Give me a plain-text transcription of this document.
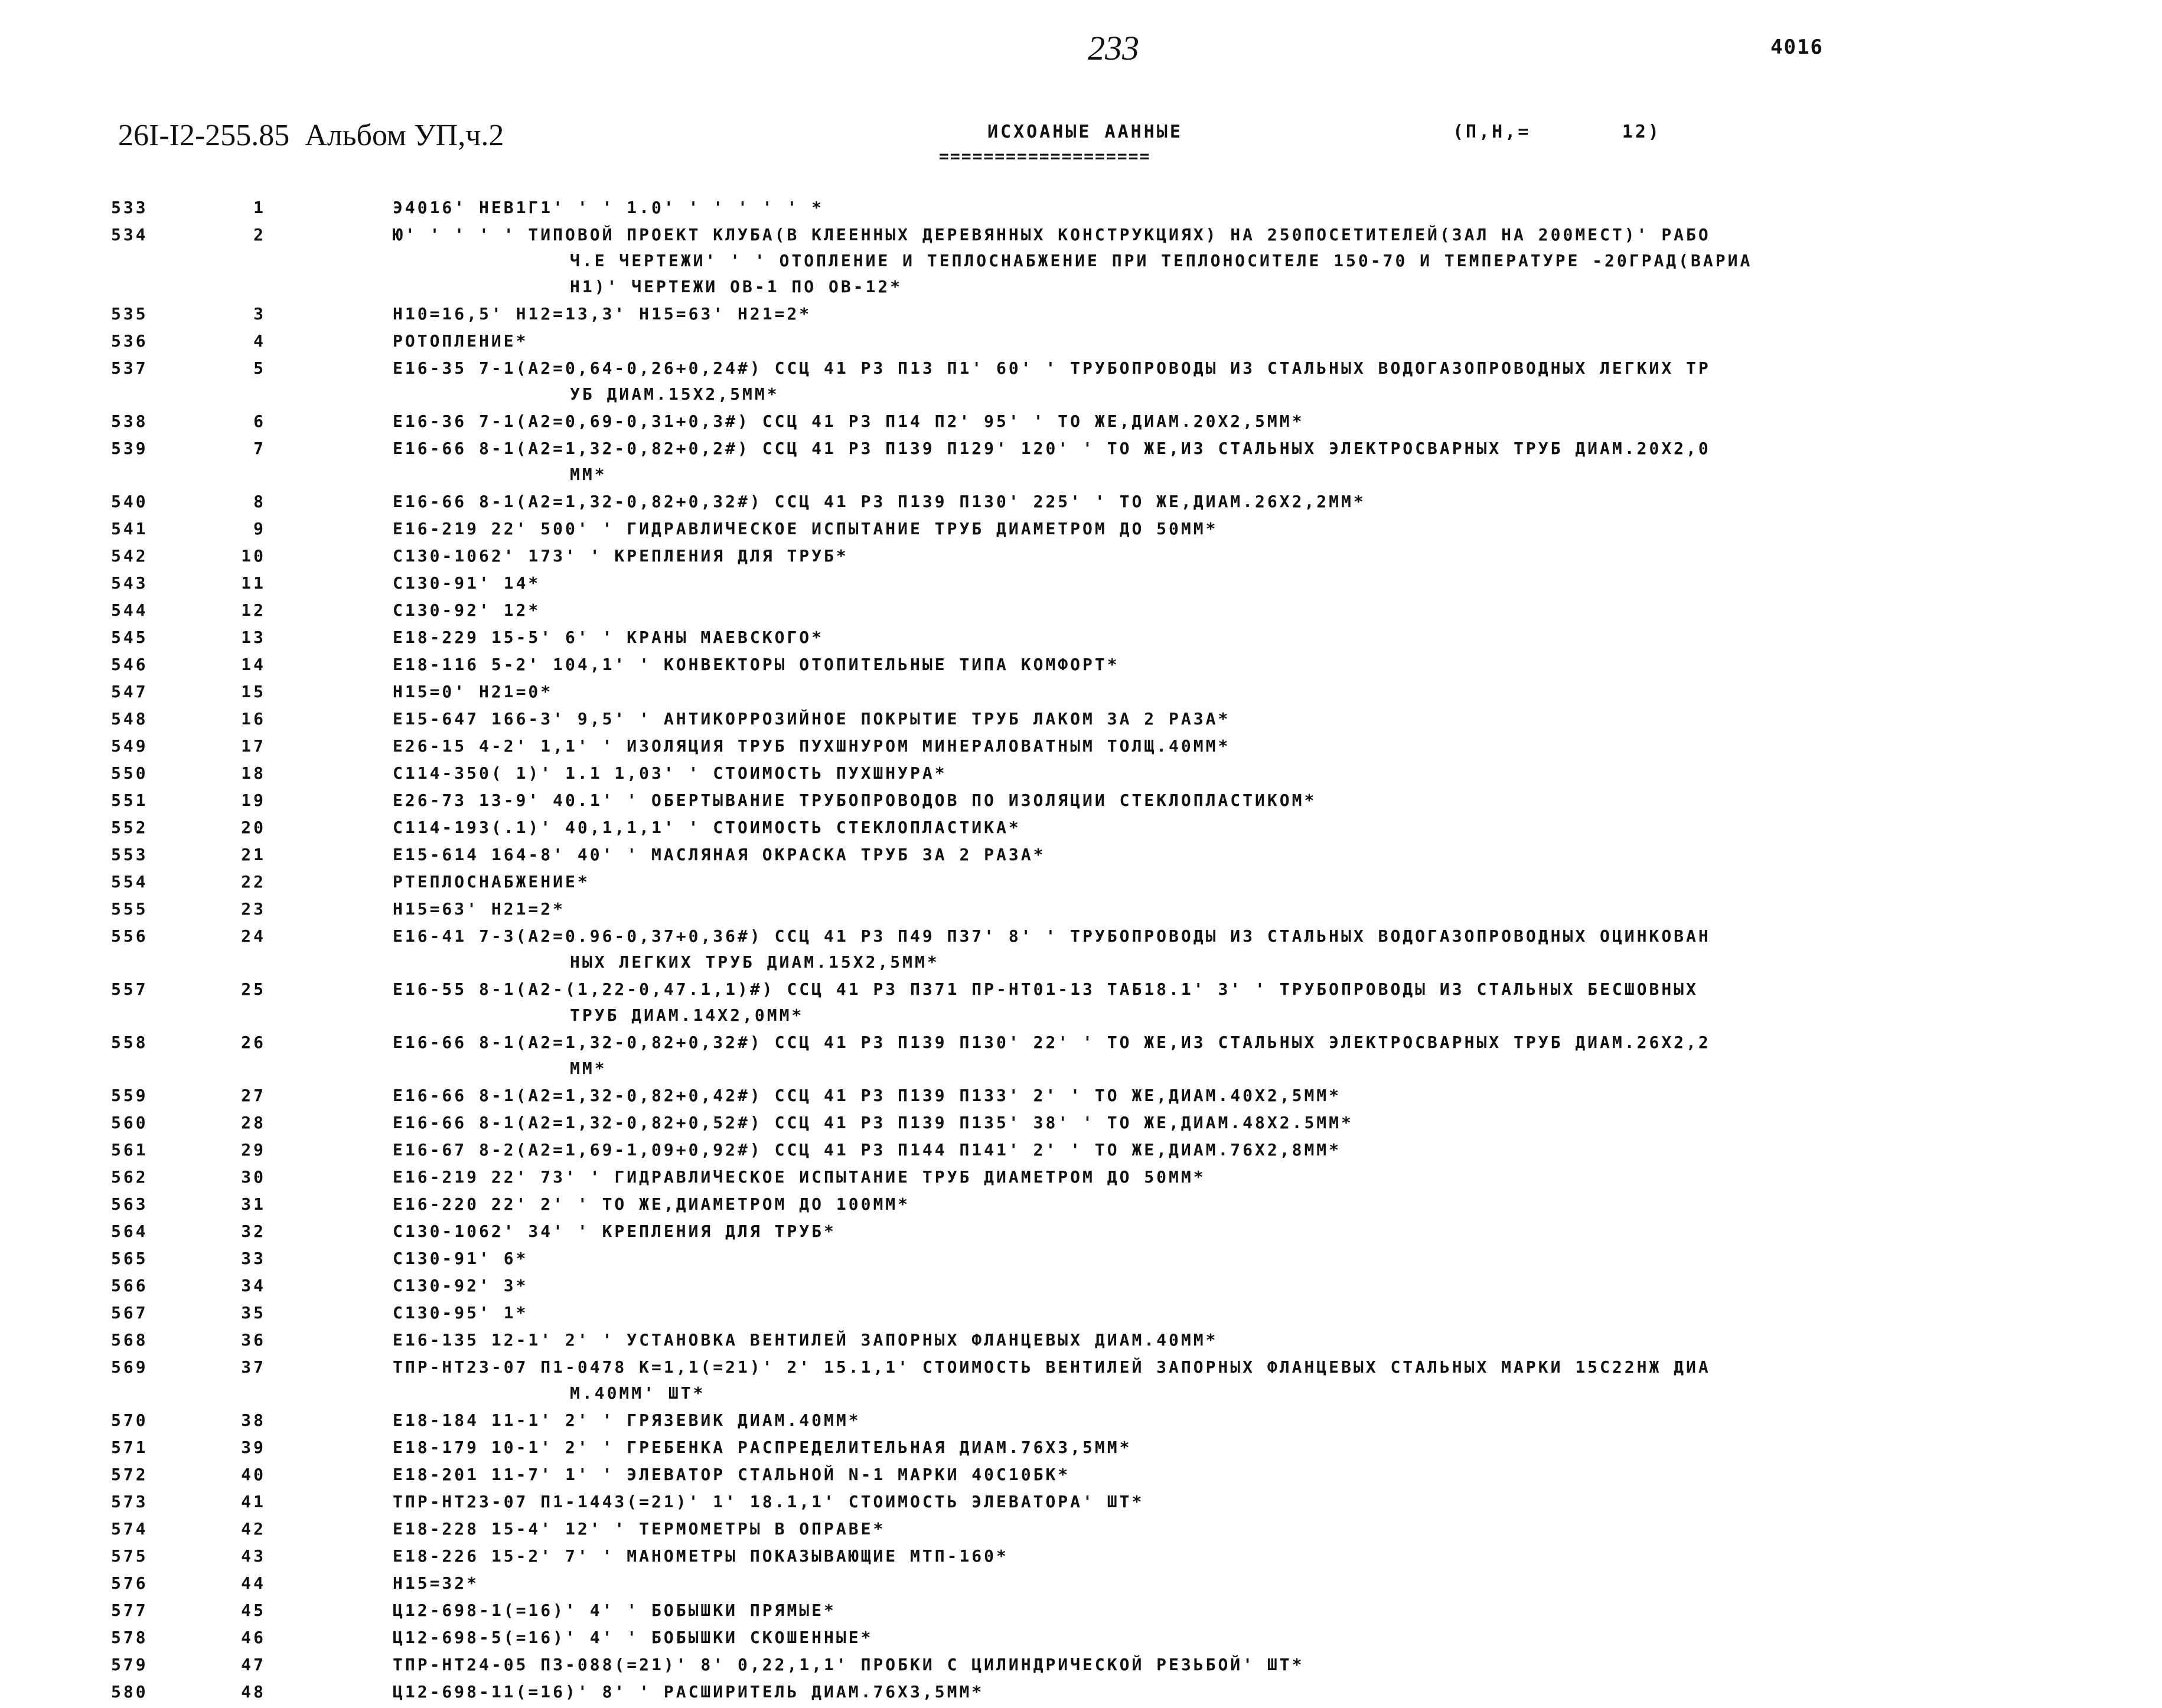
233	4016
26I-I2-255.85  Альбом УП,ч.2	ИСХОАНЫЕ ААННЫЕ
===================
(П,Н,=       12)
533	1	Э4016' НЕВ1Г1' ' ' 1.0' ' ' ' ' ' *
534	2	Ю' ' ' ' ' ТИПОВОЙ ПРОЕКТ КЛУБА(В КЛЕЕННЫХ ДЕРЕВЯННЫХ КОНСТРУКЦИЯХ) НА 250ПОСЕТИТЕЛЕЙ(ЗАЛ НА 200МЕСТ)' РАБО
Ч.Е ЧЕРТЕЖИ' ' ' ОТОПЛЕНИЕ И ТЕПЛОСНАБЖЕНИЕ ПРИ ТЕПЛОНОСИТЕЛЕ 150-70 И ТЕМПЕРАТУРЕ -20ГРАД(ВАРИА
Н1)' ЧЕРТЕЖИ ОВ-1 ПО ОВ-12*
535	3	Н10=16,5' Н12=13,3' Н15=63' Н21=2*
536	4	РОТОПЛЕНИЕ*
537	5	Е16-35 7-1(А2=0,64-0,26+0,24#) ССЦ 41 Р3 П13 П1' 60' ' ТРУБОПРОВОДЫ ИЗ СТАЛЬНЫХ ВОДОГАЗОПРОВОДНЫХ ЛЕГКИХ ТР
УБ ДИАМ.15Х2,5ММ*
538	6	Е16-36 7-1(А2=0,69-0,31+0,3#) ССЦ 41 Р3 П14 П2' 95' ' ТО ЖЕ,ДИАМ.20Х2,5ММ*
539	7	Е16-66 8-1(А2=1,32-0,82+0,2#) ССЦ 41 Р3 П139 П129' 120' ' ТО ЖЕ,ИЗ СТАЛЬНЫХ ЭЛЕКТРОСВАРНЫХ ТРУБ ДИАМ.20Х2,0
ММ*
540	8	Е16-66 8-1(А2=1,32-0,82+0,32#) ССЦ 41 Р3 П139 П130' 225' ' ТО ЖЕ,ДИАМ.26Х2,2ММ*
541	9	Е16-219 22' 500' ' ГИДРАВЛИЧЕСКОЕ ИСПЫТАНИЕ ТРУБ ДИАМЕТРОМ ДО 50ММ*
542	10	С130-1062' 173' ' КРЕПЛЕНИЯ ДЛЯ ТРУБ*
543	11	С130-91' 14*
544	12	С130-92' 12*
545	13	Е18-229 15-5' 6' ' КРАНЫ МАЕВСКОГО*
546	14	Е18-116 5-2' 104,1' ' КОНВЕКТОРЫ ОТОПИТЕЛЬНЫЕ ТИПА КОМФОРТ*
547	15	Н15=0' Н21=0*
548	16	Е15-647 166-3' 9,5' ' АНТИКОРРОЗИЙНОЕ ПОКРЫТИЕ ТРУБ ЛАКОМ ЗА 2 РАЗА*
549	17	Е26-15 4-2' 1,1' ' ИЗОЛЯЦИЯ ТРУБ ПУХШНУРОМ МИНЕРАЛОВАТНЫМ ТОЛЩ.40ММ*
550	18	С114-350( 1)' 1.1 1,03' ' СТОИМОСТЬ ПУХШНУРА*
551	19	Е26-73 13-9' 40.1' ' ОБЕРТЫВАНИЕ ТРУБОПРОВОДОВ ПО ИЗОЛЯЦИИ СТЕКЛОПЛАСТИКОМ*
552	20	С114-193(.1)' 40,1,1,1' ' СТОИМОСТЬ СТЕКЛОПЛАСТИКА*
553	21	Е15-614 164-8' 40' ' МАСЛЯНАЯ ОКРАСКА ТРУБ ЗА 2 РАЗА*
554	22	РТЕПЛОСНАБЖЕНИЕ*
555	23	Н15=63' Н21=2*
556	24	Е16-41 7-3(А2=0.96-0,37+0,36#) ССЦ 41 Р3 П49 П37' 8' ' ТРУБОПРОВОДЫ ИЗ СТАЛЬНЫХ ВОДОГАЗОПРОВОДНЫХ ОЦИНКОВАН
НЫХ ЛЕГКИХ ТРУБ ДИАМ.15Х2,5ММ*
557	25	Е16-55 8-1(А2-(1,22-0,47.1,1)#) ССЦ 41 Р3 П371 ПР-НТ01-13 ТАБ18.1' 3' ' ТРУБОПРОВОДЫ ИЗ СТАЛЬНЫХ БЕСШОВНЫХ
ТРУБ ДИАМ.14Х2,0ММ*
558	26	Е16-66 8-1(А2=1,32-0,82+0,32#) ССЦ 41 Р3 П139 П130' 22' ' ТО ЖЕ,ИЗ СТАЛЬНЫХ ЭЛЕКТРОСВАРНЫХ ТРУБ ДИАМ.26Х2,2
ММ*
559	27	Е16-66 8-1(А2=1,32-0,82+0,42#) ССЦ 41 Р3 П139 П133' 2' ' ТО ЖЕ,ДИАМ.40Х2,5ММ*
560	28	Е16-66 8-1(А2=1,32-0,82+0,52#) ССЦ 41 Р3 П139 П135' 38' ' ТО ЖЕ,ДИАМ.48Х2.5ММ*
561	29	Е16-67 8-2(А2=1,69-1,09+0,92#) ССЦ 41 Р3 П144 П141' 2' ' ТО ЖЕ,ДИАМ.76Х2,8ММ*
562	30	Е16-219 22' 73' ' ГИДРАВЛИЧЕСКОЕ ИСПЫТАНИЕ ТРУБ ДИАМЕТРОМ ДО 50ММ*
563	31	Е16-220 22' 2' ' ТО ЖЕ,ДИАМЕТРОМ ДО 100ММ*
564	32	С130-1062' 34' ' КРЕПЛЕНИЯ ДЛЯ ТРУБ*
565	33	С130-91' 6*
566	34	С130-92' 3*
567	35	С130-95' 1*
568	36	Е16-135 12-1' 2' ' УСТАНОВКА ВЕНТИЛЕЙ ЗАПОРНЫХ ФЛАНЦЕВЫХ ДИАМ.40ММ*
569	37	ТПР-НТ23-07 П1-0478 К=1,1(=21)' 2' 15.1,1' СТОИМОСТЬ ВЕНТИЛЕЙ ЗАПОРНЫХ ФЛАНЦЕВЫХ СТАЛЬНЫХ МАРКИ 15С22НЖ ДИА
М.40ММ' ШТ*
570	38	Е18-184 11-1' 2' ' ГРЯЗЕВИК ДИАМ.40ММ*
571	39	Е18-179 10-1' 2' ' ГРЕБЕНКА РАСПРЕДЕЛИТЕЛЬНАЯ ДИАМ.76Х3,5ММ*
572	40	Е18-201 11-7' 1' ' ЭЛЕВАТОР СТАЛЬНОЙ N-1 МАРКИ 40С10БК*
573	41	ТПР-НТ23-07 П1-1443(=21)' 1' 18.1,1' СТОИМОСТЬ ЭЛЕВАТОРА' ШТ*
574	42	Е18-228 15-4' 12' ' ТЕРМОМЕТРЫ В ОПРАВЕ*
575	43	Е18-226 15-2' 7' ' МАНОМЕТРЫ ПОКАЗЫВАЮЩИЕ МТП-160*
576	44	Н15=32*
577	45	Ц12-698-1(=16)' 4' ' БОБЫШКИ ПРЯМЫЕ*
578	46	Ц12-698-5(=16)' 4' ' БОБЫШКИ СКОШЕННЫЕ*
579	47	ТПР-НТ24-05 П3-088(=21)' 8' 0,22,1,1' ПРОБКИ С ЦИЛИНДРИЧЕСКОЙ РЕЗЬБОЙ' ШТ*
580	48	Ц12-698-11(=16)' 8' ' РАСШИРИТЕЛЬ ДИАМ.76Х3,5ММ*
